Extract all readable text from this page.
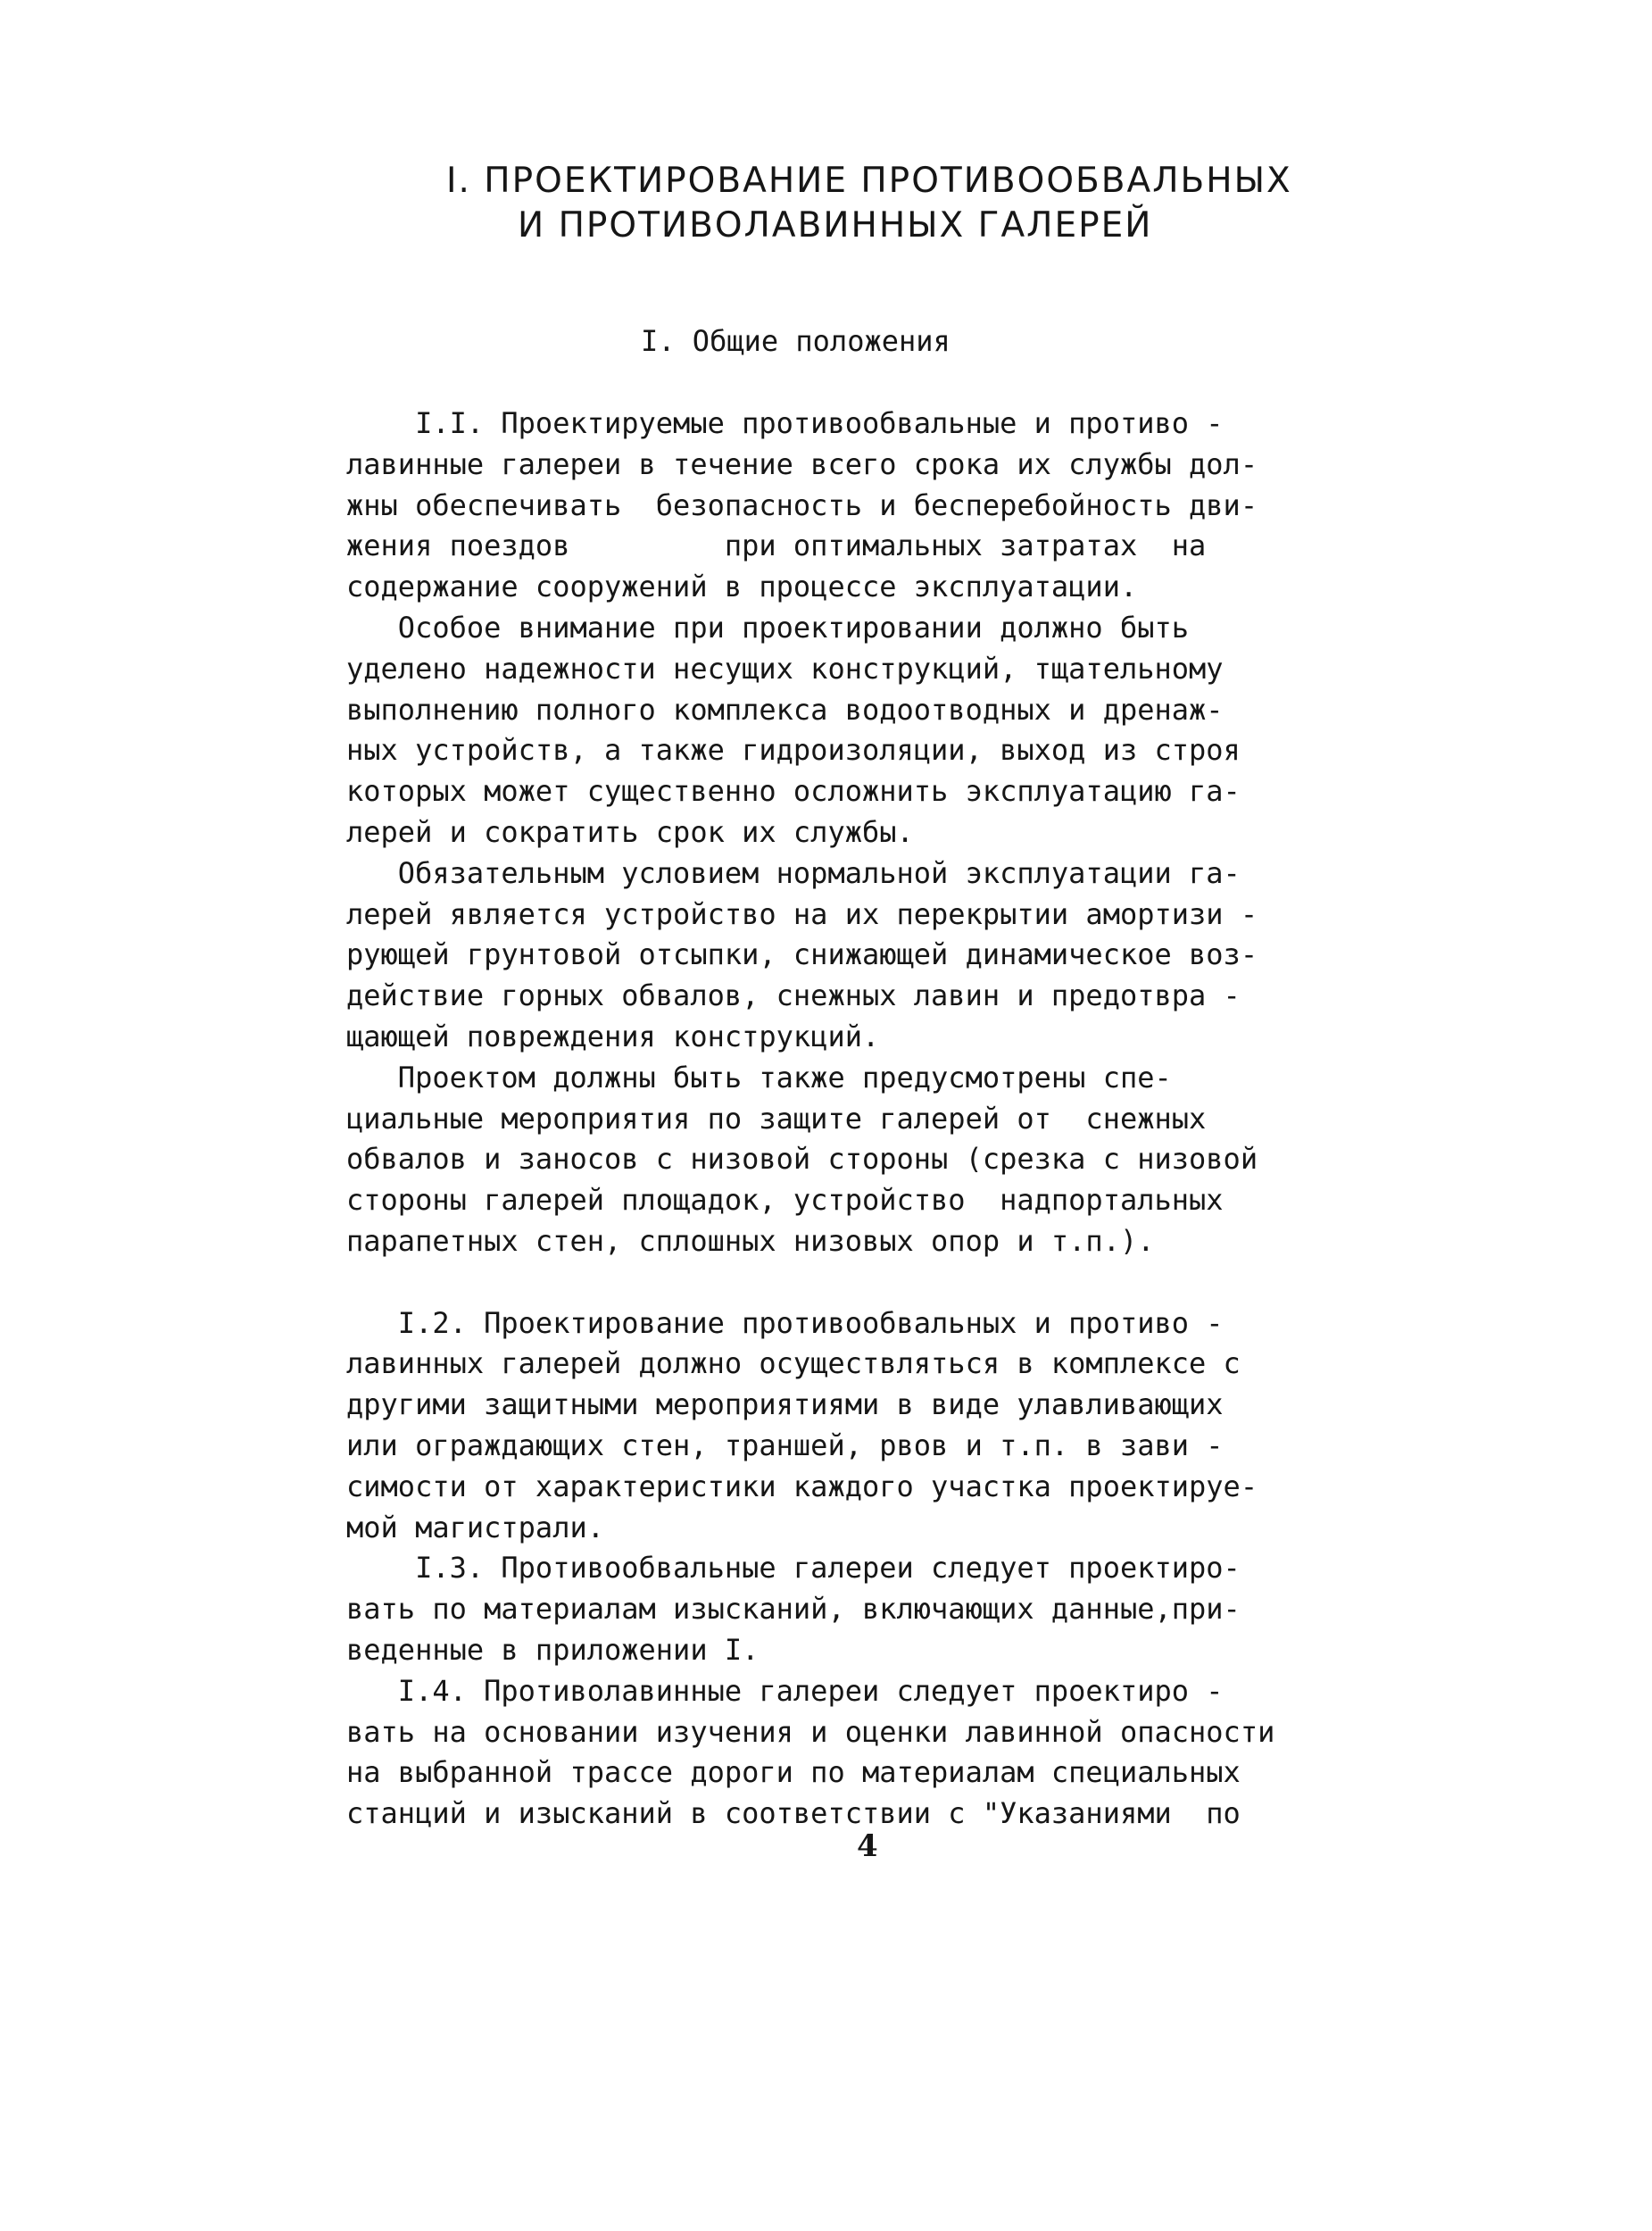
I. ПРОЕКТИРОВАНИЕ ПРОТИВООБВАЛЬНЫХ
И ПРОТИВОЛАВИННЫХ ГАЛЕРЕЙ
I. Общие положения
I.I. Проектируемые противообвальные и противо -
лавинные галереи в течение всего срока их службы дол-
жны обеспечивать  безопасность и бесперебойность дви-
жения поездов         при оптимальных затратах  на
содержание сооружений в процессе эксплуатации.
Особое внимание при проектировании должно быть
уделено надежности несущих конструкций, тщательному
выполнению полного комплекса водоотводных и дренаж-
ных устройств, а также гидроизоляции, выход из строя
которых может существенно осложнить эксплуатацию га-
лерей и сократить срок их службы.
Обязательным условием нормальной эксплуатации га-
лерей является устройство на их перекрытии амортизи -
рующей грунтовой отсыпки, снижающей динамическое воз-
действие горных обвалов, снежных лавин и предотвра -
щающей повреждения конструкций.
Проектом должны быть также предусмотрены спе-
циальные мероприятия по защите галерей от  снежных
обвалов и заносов с низовой стороны (срезка с низовой
стороны галерей площадок, устройство  надпортальных
парапетных стен, сплошных низовых опор и т.п.).
I.2. Проектирование противообвальных и противо -
лавинных галерей должно осуществляться в комплексе с
другими защитными мероприятиями в виде улавливающих
или ограждающих стен, траншей, рвов и т.п. в зави -
симости от характеристики каждого участка проектируе-
мой магистрали.
I.3. Противообвальные галереи следует проектиро-
вать по материалам изысканий, включающих данные,при-
веденные в приложении I.
I.4. Противолавинные галереи следует проектиро -
вать на основании изучения и оценки лавинной опасности
на выбранной трассе дороги по материалам специальных
станций и изысканий в соответствии с "Указаниями  по
4
